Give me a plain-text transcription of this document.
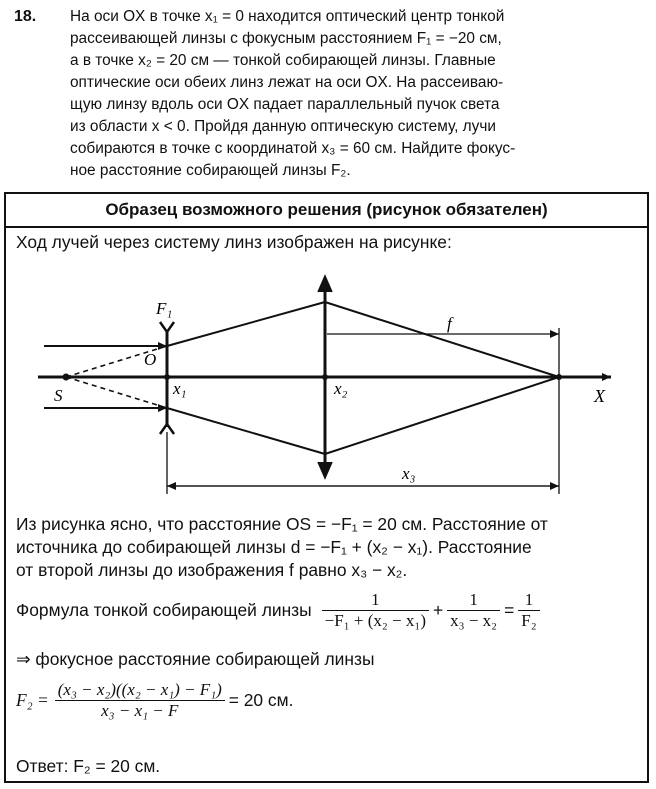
18. На оси OX в точке x₁ = 0 находится оптический центр тонкой
рассеивающей линзы с фокусным расстоянием F₁ = −20 см,
а в точке x₂ = 20 см — тонкой собирающей линзы. Главные
оптические оси обеих линз лежат на оси OX. На рассеиваю-
щую линзу вдоль оси OX падает параллельный пучок света
из области x < 0. Пройдя данную оптическую систему, лучи
собираются в точке с координатой x₃ = 60 см. Найдите фокус-
ное расстояние собирающей линзы F₂.
Образец возможного решения (рисунок обязателен)
Ход лучей через систему линз изображен на рисунке:
F₁
O
S	x₁	x₂
f
x₃
X
Из рисунка ясно, что расстояние OS = −F₁ = 20 см. Расстояние от
источника до собирающей линзы d = −F₁ + (x₂ − x₁). Расстояние
от второй линзы до изображения f равно x₃ − x₂.
Формула тонкой собирающей линзы $\frac{1}{\text{−F₁ + (x₂ − x₁)}} + \frac{1}{\text{x₃ − x₂}} = \frac{1}{\text{F₂}}$
⇒ фокусное расстояние собирающей линзы
$F_2 = \frac{\text{(x₃ − x₂)((x₂ − x₁) − F₁)}}{\text{x₃ − x₁ − F}} = 20$ см.
Ответ: F₂ = 20 см.
